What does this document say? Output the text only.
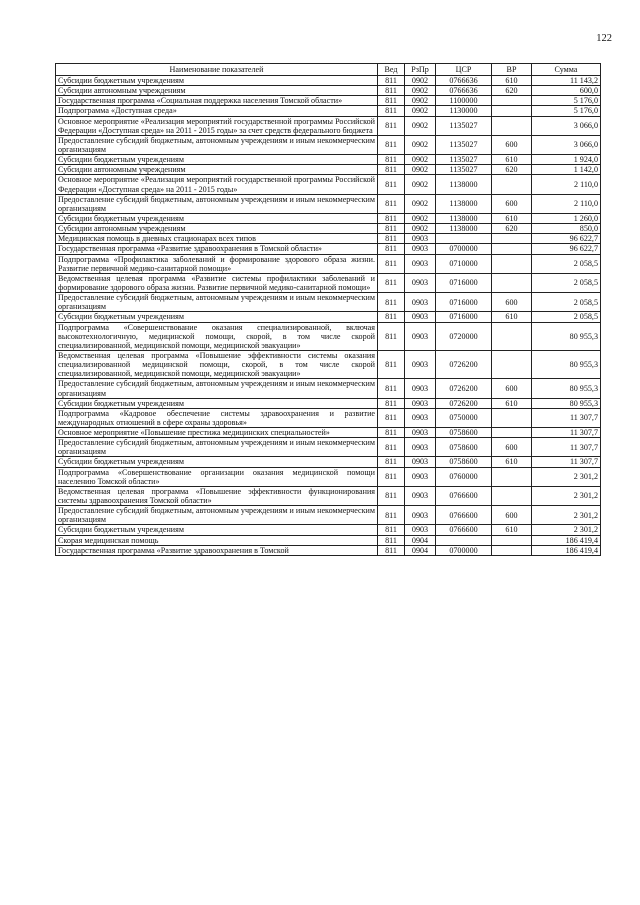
122
Наименование показателей	Вед	РзПр	ЦСР	ВР	Сумма
Субсидии бюджетным учреждениям	811	0902	0766636	610	11 143,2
Субсидии автономным учреждениям	811	0902	0766636	620	600,0
Государственная программа «Социальная поддержка населения Томской области»	811	0902	1100000		5 176,0
Подпрограмма «Доступная среда»	811	0902	1130000		5 176,0
Основное мероприятие «Реализация мероприятий государственной программы Российской Федерации «Доступная среда» на 2011 - 2015 годы» за счет средств федерального бюджета	811	0902	1135027		3 066,0
Предоставление субсидий бюджетным, автономным учреждениям и иным некоммерческим организациям	811	0902	1135027	600	3 066,0
Субсидии бюджетным учреждениям	811	0902	1135027	610	1 924,0
Субсидии автономным учреждениям	811	0902	1135027	620	1 142,0
Основное мероприятие «Реализация мероприятий государственной программы Российской Федерации «Доступная среда» на 2011 - 2015 годы»	811	0902	1138000		2 110,0
Предоставление субсидий бюджетным, автономным учреждениям и иным некоммерческим организациям	811	0902	1138000	600	2 110,0
Субсидии бюджетным учреждениям	811	0902	1138000	610	1 260,0
Субсидии автономным учреждениям	811	0902	1138000	620	850,0
Медицинская помощь в дневных стационарах всех типов	811	0903			96 622,7
Государственная программа «Развитие здравоохранения в Томской области»	811	0903	0700000		96 622,7
Подпрограмма «Профилактика заболеваний и формирование здорового образа жизни. Развитие первичной медико-санитарной помощи»	811	0903	0710000		2 058,5
Ведомственная целевая программа «Развитие системы профилактики заболеваний и формирование здорового образа жизни. Развитие первичной медико-санитарной помощи»	811	0903	0716000		2 058,5
Предоставление субсидий бюджетным, автономным учреждениям и иным некоммерческим организациям	811	0903	0716000	600	2 058,5
Субсидии бюджетным учреждениям	811	0903	0716000	610	2 058,5
Подпрограмма «Совершенствование оказания специализированной, включая высокотехнологичную, медицинской помощи, скорой, в том числе скорой специализированной, медицинской помощи, медицинской эвакуации»	811	0903	0720000		80 955,3
Ведомственная целевая программа «Повышение эффективности системы оказания специализированной медицинской помощи, скорой, в том числе скорой специализированной, медицинской помощи, медицинской эвакуации»	811	0903	0726200		80 955,3
Предоставление субсидий бюджетным, автономным учреждениям и иным некоммерческим организациям	811	0903	0726200	600	80 955,3
Субсидии бюджетным учреждениям	811	0903	0726200	610	80 955,3
Подпрограмма «Кадровое обеспечение системы здравоохранения и развитие международных отношений в сфере охраны здоровья»	811	0903	0750000		11 307,7
Основное мероприятие «Повышение престижа медицинских специальностей»	811	0903	0758600		11 307,7
Предоставление субсидий бюджетным, автономным учреждениям и иным некоммерческим организациям	811	0903	0758600	600	11 307,7
Субсидии бюджетным учреждениям	811	0903	0758600	610	11 307,7
Подпрограмма «Совершенствование организации оказания медицинской помощи населению Томской области»	811	0903	0760000		2 301,2
Ведомственная целевая программа «Повышение эффективности функционирования системы здравоохранения Томской области»	811	0903	0766600		2 301,2
Предоставление субсидий бюджетным, автономным учреждениям и иным некоммерческим организациям	811	0903	0766600	600	2 301,2
Субсидии бюджетным учреждениям	811	0903	0766600	610	2 301,2
Скорая медицинская помощь	811	0904			186 419,4
Государственная программа «Развитие здравоохранения в Томской	811	0904	0700000		186 419,4
